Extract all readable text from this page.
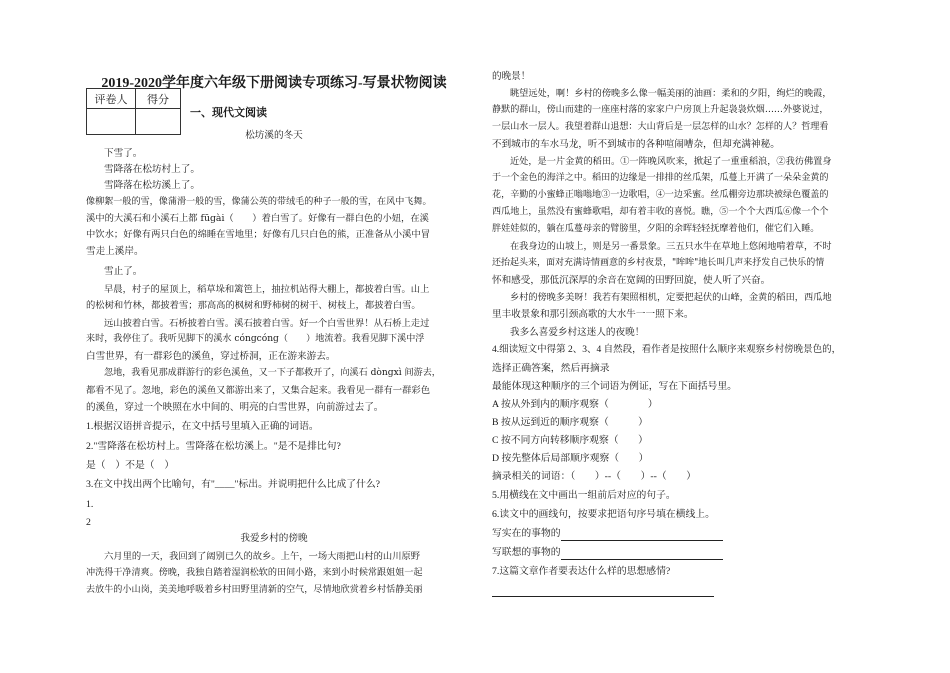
2019-2020学年度六年级下册阅读专项练习-写景状物阅读
评卷人	得分

一、现代文阅读
松坊溪的冬天
下雪了。
雪降落在松坊村上了。
雪降落在松坊溪上了。
像柳絮一般的雪，像蒲滑一般的雪，像蒲公英的带绒毛的种子一般的雪，在风中飞舞。
溪中的大溪石和小溪石上都 fūgài（　　）着白雪了。好像有一群白色的小妞，在溪
中饮水；好像有两只白色的绵睡在雪地里；好像有几只白色的熊，正准备从小溪中冒
雪走上溪岸。
雪止了。
早晨，村子的屋顶上，稻草垛和篱笆上，抽拉机站得大棚上，都披着白雪。山上
的松树和竹林，都披着雪；那高高的枫树和野柿树的树干、树枝上，都披着白雪。
远山披着白雪。石桥披着白雪。溪石披着白雪。好一个白雪世界！从石桥上走过
来时，我停住了。我听见脚下的溪水 cóngcóng（　　）地流着。我看见脚下溪中浮
白雪世界，有一群彩色的溪鱼，穿过桥洞，正在游来游去。
忽地，我看见那成群游行的彩色溪鱼，又一下子都救开了，向溪石 dòngxì 间游去，
都看不见了。忽地，彩色的溪鱼又都游出来了，又集合起来。我看见一群有一群彩色
的溪鱼，穿过一个映照在水中间的、明亮的白雪世界，向前游过去了。
1.根据汉语拼音提示，在文中括号里填入正确的词语。
2."雪降落在松坊村上。雪降落在松坊溪上。"是不是排比句?
是（　）不是（　）
3.在文中找出两个比喻句，有"____"标出。并说明把什么比成了什么?
1.
2
我爱乡村的傍晚
六月里的一天，我回到了阔别已久的故乡。上午，一场大雨把山村的山川原野
冲洗得干净清爽。傍晚，我独自踏着湿润松软的田间小路，来到小时候常跟姐姐一起
去放牛的小山岗，美美地呼吸着乡村田野里清新的空气，尽情地欣赏着乡村恬静美丽
的晚景！
眺望远处，啊！乡村的傍晚多么像一幅美丽的油画：柔和的夕阳，绚烂的晚霞，
静默的群山，傍山而建的一座座村落的家家户户房顶上升起袅袅炊烟……外婆说过，
一层山水一层人。我望着群山退想：大山背后是一层怎样的山水？怎样的人？哲理看
不到城市的车水马龙，听不到城市的各种喧闹嘈杂，但却充满神秘。
近处，是一片金黄的稻田。①一阵晚风吹来，掀起了一重重稻浪，②我彷佛置身
于一个金色的海洋之中。稻田的边缘是一排排的丝瓜架，瓜蔓上开满了一朵朵金黄的
花，辛勤的小蜜蜂正嗡嗡地③一边歌唱，④一边采蜜。丝瓜棚旁边那块被绿色覆盖的
西瓜地上，虽然没有蜜蜂歌唱，却有着丰收的喜悦。瞧，⑤一个个大西瓜⑥像一个个
胖娃娃似的，躺在瓜蔓母亲的臂膀里，夕阳的余晖轻轻抚摩着他们，催它们入睡。
在我身边的山坡上，则是另一番景象。三五只水牛在草地上悠闲地啃着草，不时
还抬起头来，面对充满诗情画意的乡村夜景，"哞哞"地长叫几声来抒发自己快乐的情
怀和感受，那低沉深厚的余音在宽阔的田野回旋，使人听了兴奋。
乡村的傍晚多美呀！我若有架照相机，定要把起伏的山峰，金黄的稻田，西瓜地
里丰收景象和那引颈高歌的大水牛一一照下来。
我多么喜爱乡村这迷人的夜晚！
4.细读短文中得第 2、3、4 自然段，看作者是按照什么顺序来观察乡村傍晚景色的，
选择正确答案，然后再摘录
最能体现这种顺序的三个词语为例证，写在下面括号里。
A 按从外到内的顺序观察（　　　　）
B 按从远到近的顺序观察（　　　）
C 按不同方向转移顺序观察（　　）
D 按先整体后局部顺序观察（　　）
摘录相关的词语：（　　）--（　　）--（　　）
5.用横线在文中画出一组前后对应的句子。
6.读文中的画线句，按要求把语句序号填在横线上。
写实在的事物的
写联想的事物的
7.这篇文章作者要表达什么样的思想感情?
